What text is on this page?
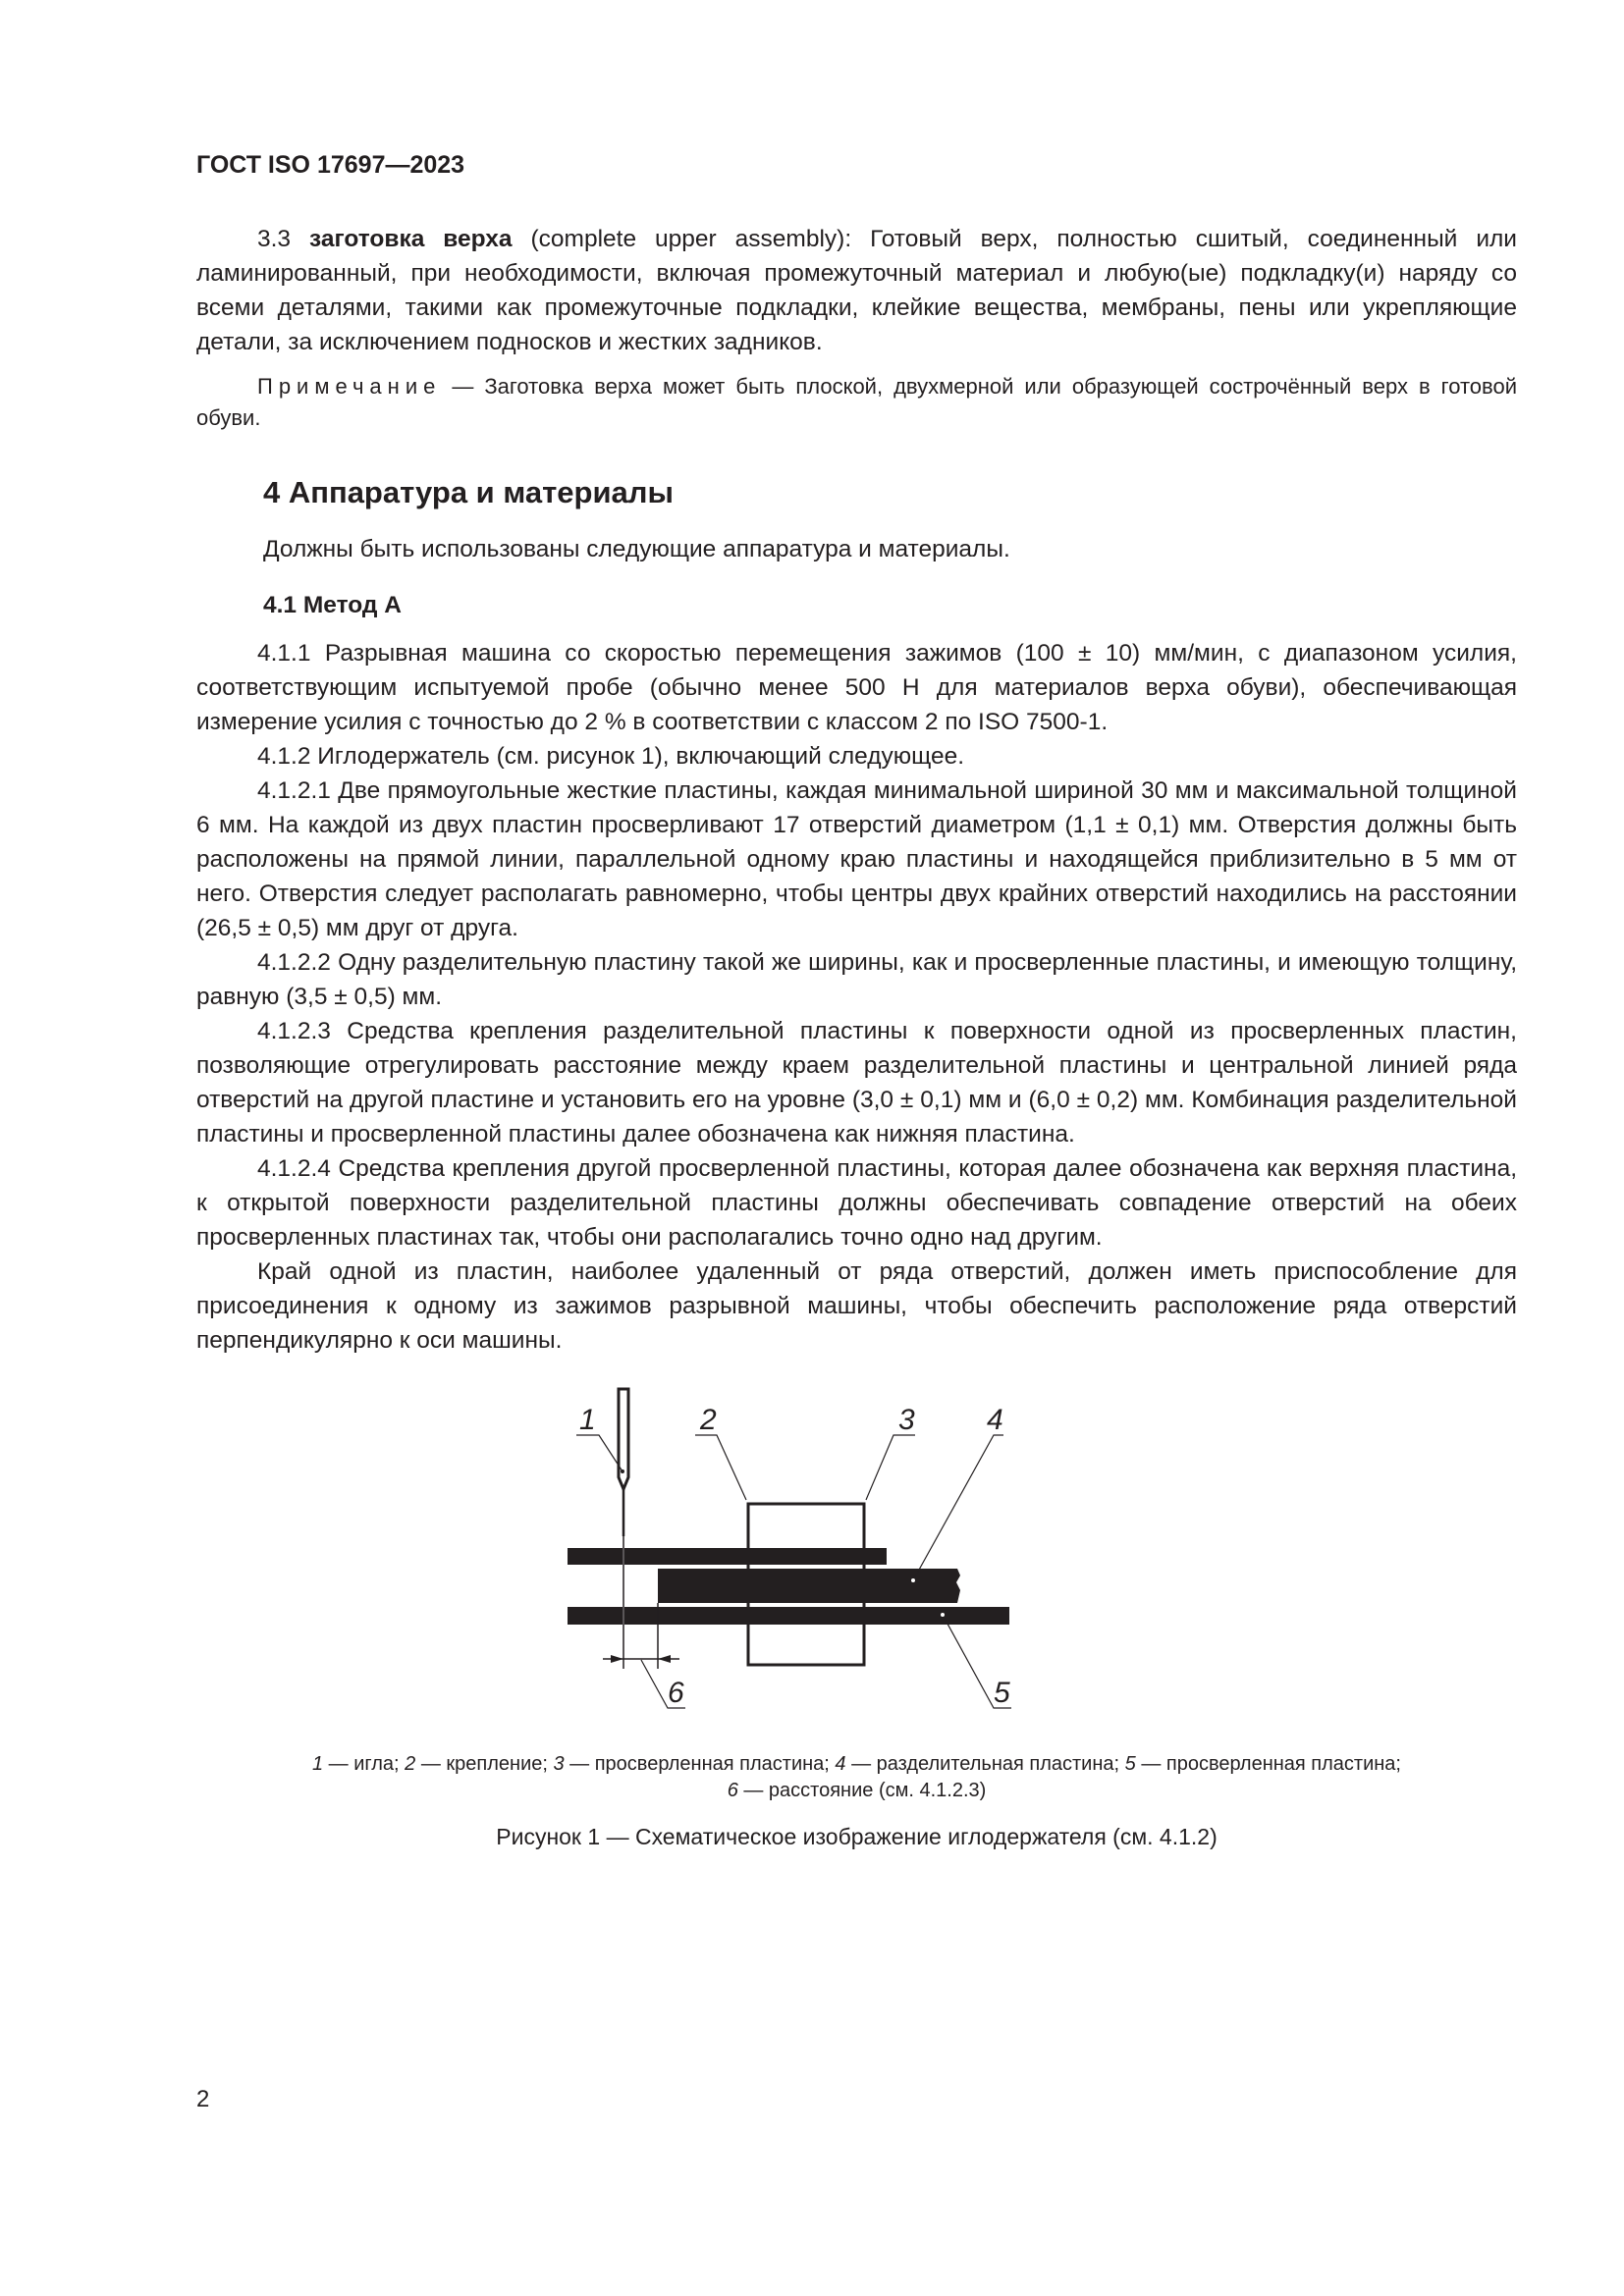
ГОСТ ISO 17697—2023

3.3 заготовка верха (complete upper assembly): Готовый верх, полностью сшитый, соединенный или ламинированный, при необходимости, включая промежуточный материал и любую(ые) подкладку(и) наряду со всеми деталями, такими как промежуточные подкладки, клейкие вещества, мембраны, пены или укрепляющие детали, за исключением подносков и жестких задников.

Примечание — Заготовка верха может быть плоской, двухмерной или образующей сострочённый верх в готовой обуви.

4 Аппаратура и материалы

Должны быть использованы следующие аппаратура и материалы.

4.1 Метод А

4.1.1 Разрывная машина со скоростью перемещения зажимов (100 ± 10) мм/мин, с диапазоном усилия, соответствующим испытуемой пробе (обычно менее 500 Н для материалов верха обуви), обеспечивающая измерение усилия с точностью до 2 % в соответствии с классом 2 по ISO 7500-1.

4.1.2 Иглодержатель (см. рисунок 1), включающий следующее.

4.1.2.1 Две прямоугольные жесткие пластины, каждая минимальной шириной 30 мм и максимальной толщиной 6 мм. На каждой из двух пластин просверливают 17 отверстий диаметром (1,1 ± 0,1) мм. Отверстия должны быть расположены на прямой линии, параллельной одному краю пластины и находящейся приблизительно в 5 мм от него. Отверстия следует располагать равномерно, чтобы центры двух крайних отверстий находились на расстоянии (26,5 ± 0,5) мм друг от друга.

4.1.2.2 Одну разделительную пластину такой же ширины, как и просверленные пластины, и имеющую толщину, равную (3,5 ± 0,5) мм.

4.1.2.3 Средства крепления разделительной пластины к поверхности одной из просверленных пластин, позволяющие отрегулировать расстояние между краем разделительной пластины и центральной линией ряда отверстий на другой пластине и установить его на уровне (3,0 ± 0,1) мм и (6,0 ± 0,2) мм. Комбинация разделительной пластины и просверленной пластины далее обозначена как нижняя пластина.

4.1.2.4 Средства крепления другой просверленной пластины, которая далее обозначена как верхняя пластина, к открытой поверхности разделительной пластины должны обеспечивать совпадение отверстий на обеих просверленных пластинах так, чтобы они располагались точно одно над другим.

Край одной из пластин, наиболее удаленный от ряда отверстий, должен иметь приспособление для присоединения к одному из зажимов разрывной машины, чтобы обеспечить расположение ряда отверстий перпендикулярно к оси машины.

1	2	3 4
5
6
1 — игла; 2 — крепление; 3 — просверленная пластина; 4 — разделительная пластина; 5 — просверленная пластина;
6 — расстояние (см. 4.1.2.3)
Рисунок 1 — Схематическое изображение иглодержателя (см. 4.1.2)
2
